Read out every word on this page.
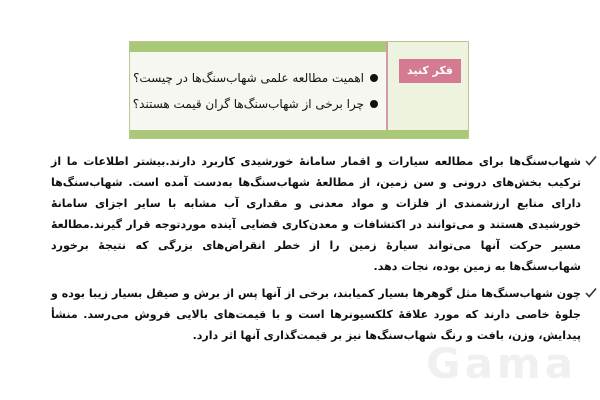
فکر کنید
اهمیت مطالعه علمی شهاب‌سنگ‌ها در چیست؟
چرا برخی از شهاب‌سنگ‌ها گران قیمت هستند؟
شهاب‌سنگ‌ها برای مطالعه سیارات و اقمار سامانهٔ خورشیدی کاربرد دارند.بیشتر اطلاعات ما از ترکیب بخش‌های درونی و سن زمین، از مطالعهٔ شهاب‌سنگ‌ها به‌دست آمده است. شهاب‌سنگ‌ها دارای منابع ارزشمندی از فلزات و مواد معدنی و مقداری آب مشابه با سایر اجزای سامانهٔ خورشیدی هستند و می‌توانند در اکتشافات و معدن‌کاری فضایی آینده موردتوجه قرار گیرند.مطالعهٔ مسیر حرکت آنها می‌تواند سیارهٔ زمین را از خطر انقراض‌های بزرگی که نتیجهٔ برخورد شهاب‌سنگ‌ها به زمین بوده، نجات دهد.
چون شهاب‌سنگ‌ها مثل گوهرها بسیار کمیابند، برخی از آنها پس از برش و صیقل بسیار زیبا بوده و جلوهٔ خاصی دارند که مورد علاقهٔ کلکسیونرها است و با قیمت‌های بالایی فروش می‌رسد. منشأ پیدایش، وزن، بافت و رنگ شهاب‌سنگ‌ها نیز بر قیمت‌گذاری آنها اثر دارد.
Gama
